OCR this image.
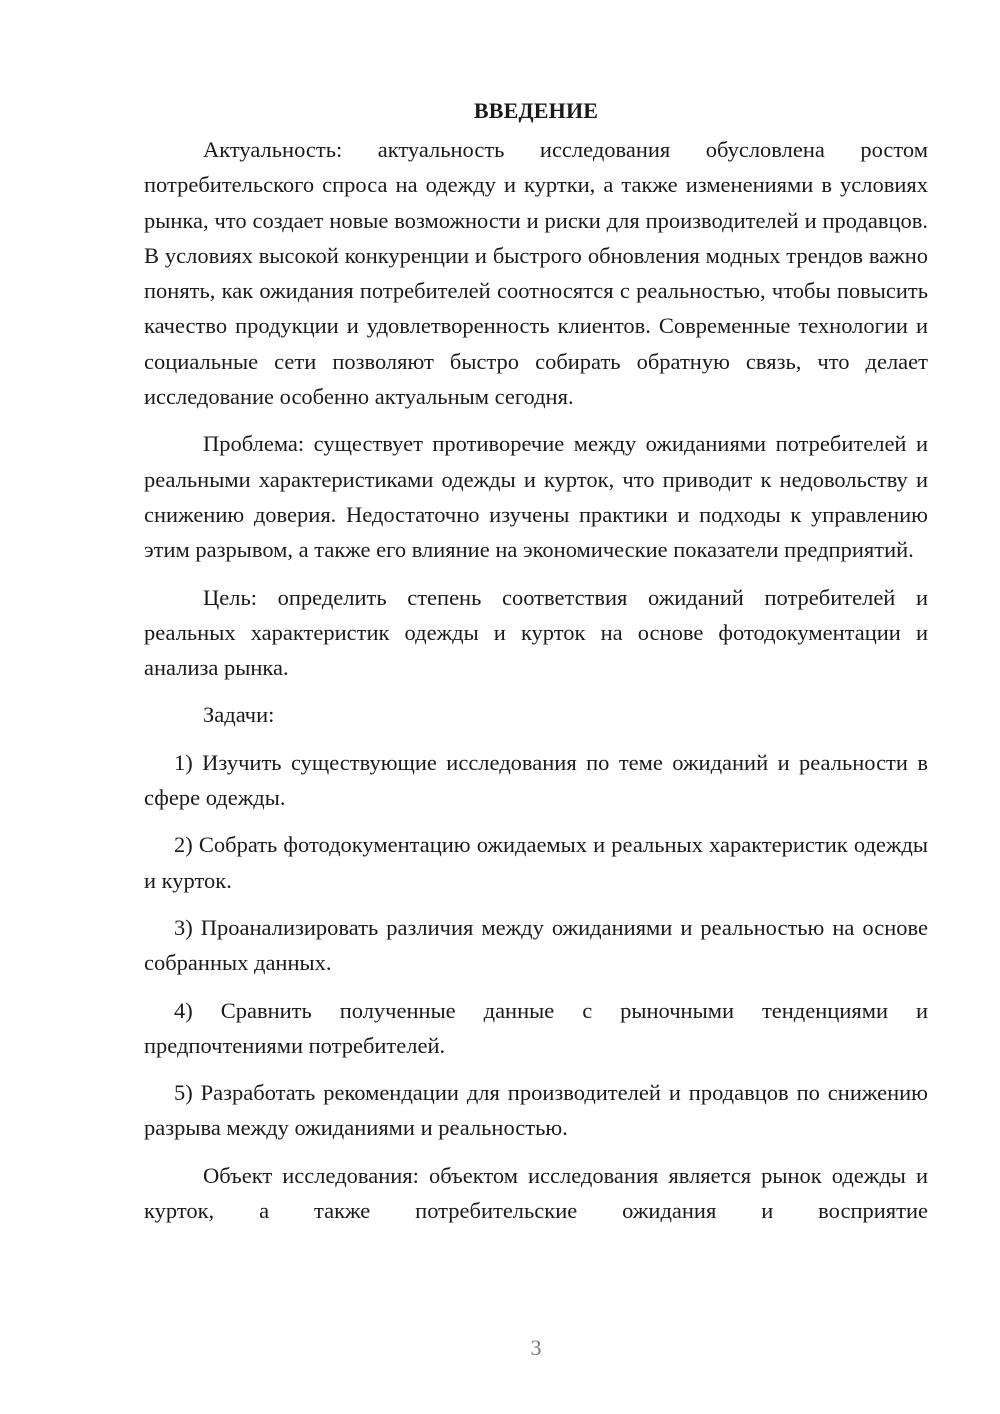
ВВЕДЕНИЕ

Актуальность: актуальность исследования обусловлена ростом потребительского спроса на одежду и куртки, а также изменениями в условиях рынка, что создает новые возможности и риски для производителей и продавцов. В условиях высокой конкуренции и быстрого обновления модных трендов важно понять, как ожидания потребителей соотносятся с реальностью, чтобы повысить качество продукции и удовлетворенность клиентов. Современные технологии и социальные сети позволяют быстро собирать обратную связь, что делает исследование особенно актуальным сегодня.

Проблема: существует противоречие между ожиданиями потребителей и реальными характеристиками одежды и курток, что приводит к недовольству и снижению доверия. Недостаточно изучены практики и подходы к управлению этим разрывом, а также его влияние на экономические показатели предприятий.

Цель: определить степень соответствия ожиданий потребителей и реальных характеристик одежды и курток на основе фотодокументации и анализа рынка.

Задачи:

1) Изучить существующие исследования по теме ожиданий и реальности в сфере одежды.

2) Собрать фотодокументацию ожидаемых и реальных характеристик одежды и курток.

3) Проанализировать различия между ожиданиями и реальностью на основе собранных данных.

4) Сравнить полученные данные с рыночными тенденциями и предпочтениями потребителей.

5) Разработать рекомендации для производителей и продавцов по снижению разрыва между ожиданиями и реальностью.

Объект исследования: объектом исследования является рынок одежды и курток, а также потребительские ожидания и восприятие

3
